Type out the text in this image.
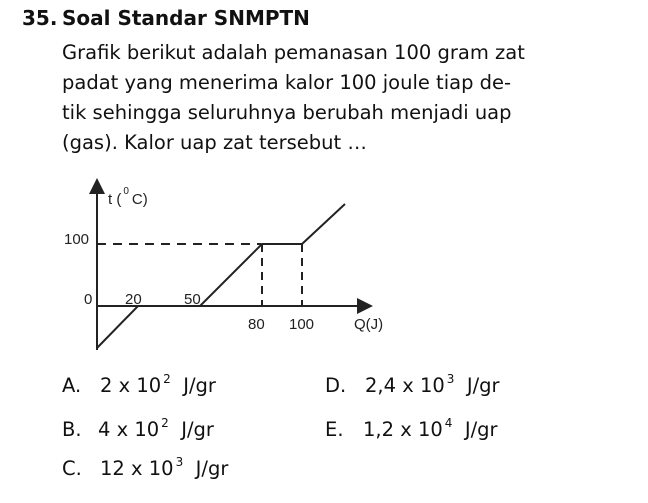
35. Soal Standar SNMPTN
Grafik berikut adalah pemanasan 100 gram zat
padat yang menerima kalor 100 joule tiap de-
tik sehingga seluruhnya berubah menjadi uap
(gas). Kalor uap zat tersebut …
t ( $^0$ C)
100
0 20	50
80 100	Q(J)
A. 2 x 10 $^2$ J/gr
B. 4 x 10 $^2$ J/gr
C. 12 x 10 $^3$ J/gr
D. 2,4 x 10 $^3$ J/gr
E. 1,2 x 10 $^4$ J/gr
